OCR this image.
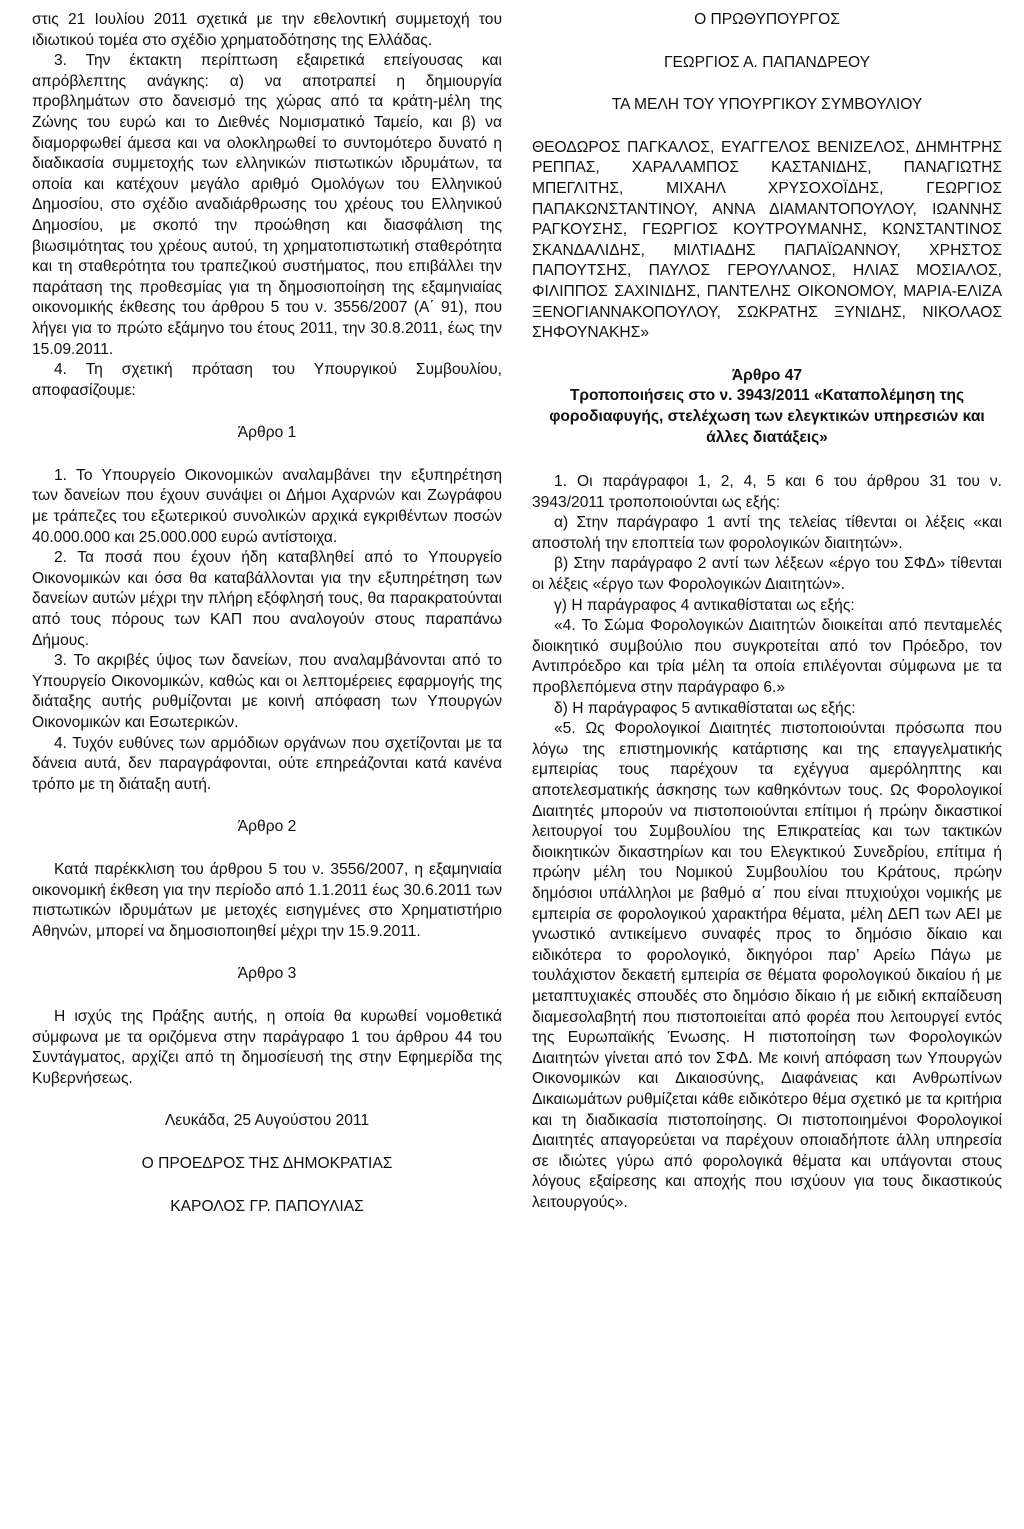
στις 21 Ιουλίου 2011 σχετικά με την εθελοντική συμμετοχή του ιδιωτικού τομέα στο σχέδιο χρηματοδότησης της Ελλάδας.

3. Την έκτακτη περίπτωση εξαιρετικά επείγουσας και απρόβλεπτης ανάγκης: α) να αποτραπεί η δημιουργία προβλημάτων στο δανεισμό της χώρας από τα κράτη-μέλη της Ζώνης του ευρώ και το Διεθνές Νομισματικό Ταμείο, και β) να διαμορφωθεί άμεσα και να ολοκληρωθεί το συντομότερο δυνατό η διαδικασία συμμετοχής των ελληνικών πιστωτικών ιδρυμάτων, τα οποία και κατέχουν μεγάλο αριθμό Ομολόγων του Ελληνικού Δημοσίου, στο σχέδιο αναδιάρθρωσης του χρέους του Ελληνικού Δημοσίου, με σκοπό την προώθηση και διασφάλιση της βιωσιμότητας του χρέους αυτού, τη χρηματοπιστωτική σταθερότητα και τη σταθερότητα του τραπεζικού συστήματος, που επιβάλλει την παράταση της προθεσμίας για τη δημοσιοποίηση της εξαμηνιαίας οικονομικής έκθεσης του άρθρου 5 του ν. 3556/2007 (Α΄ 91), που λήγει για το πρώτο εξάμηνο του έτους 2011, την 30.8.2011, έως την 15.09.2011.

4. Τη σχετική πρόταση του Υπουργικού Συμβουλίου, αποφασίζουμε:

Άρθρο 1

1. Το Υπουργείο Οικονομικών αναλαμβάνει την εξυπηρέτηση των δανείων που έχουν συνάψει οι Δήμοι Αχαρνών και Ζωγράφου με τράπεζες του εξωτερικού συνολικών αρχικά εγκριθέντων ποσών 40.000.000 και 25.000.000 ευρώ αντίστοιχα.

2. Τα ποσά που έχουν ήδη καταβληθεί από το Υπουργείο Οικονομικών και όσα θα καταβάλλονται για την εξυπηρέτηση των δανείων αυτών μέχρι την πλήρη εξόφλησή τους, θα παρακρατούνται από τους πόρους των ΚΑΠ που αναλογούν στους παραπάνω Δήμους.

3. Το ακριβές ύψος των δανείων, που αναλαμβάνονται από το Υπουργείο Οικονομικών, καθώς και οι λεπτομέρειες εφαρμογής της διάταξης αυτής ρυθμίζονται με κοινή απόφαση των Υπουργών Οικονομικών και Εσωτερικών.

4. Τυχόν ευθύνες των αρμόδιων οργάνων που σχετίζονται με τα δάνεια αυτά, δεν παραγράφονται, ούτε επηρεάζονται κατά κανένα τρόπο με τη διάταξη αυτή.

Άρθρο 2

Κατά παρέκκλιση του άρθρου 5 του ν. 3556/2007, η εξαμηνιαία οικονομική έκθεση για την περίοδο από 1.1.2011 έως 30.6.2011 των πιστωτικών ιδρυμάτων με μετοχές εισηγμένες στο Χρηματιστήριο Αθηνών, μπορεί να δημοσιοποιηθεί μέχρι την 15.9.2011.

Άρθρο 3

Η ισχύς της Πράξης αυτής, η οποία θα κυρωθεί νομοθετικά σύμφωνα με τα οριζόμενα στην παράγραφο 1 του άρθρου 44 του Συντάγματος, αρχίζει από τη δημοσίευσή της στην Εφημερίδα της Κυβερνήσεως.

Λευκάδα, 25 Αυγούστου 2011

Ο ΠΡΟΕΔΡΟΣ ΤΗΣ ΔΗΜΟΚΡΑΤΙΑΣ

ΚΑΡΟΛΟΣ ΓΡ. ΠΑΠΟΥΛΙΑΣ

Ο ΠΡΩΘΥΠΟΥΡΓΟΣ

ΓΕΩΡΓΙΟΣ Α. ΠΑΠΑΝΔΡΕΟΥ

ΤΑ ΜΕΛΗ ΤΟΥ ΥΠΟΥΡΓΙΚΟΥ ΣΥΜΒΟΥΛΙΟΥ

ΘΕΟΔΩΡΟΣ ΠΑΓΚΑΛΟΣ, ΕΥΑΓΓΕΛΟΣ ΒΕΝΙΖΕΛΟΣ, ΔΗΜΗΤΡΗΣ ΡΕΠΠΑΣ, ΧΑΡΑΛΑΜΠΟΣ ΚΑΣΤΑΝΙΔΗΣ, ΠΑΝΑΓΙΩΤΗΣ ΜΠΕΓΛΙΤΗΣ, ΜΙΧΑΗΛ ΧΡΥΣΟΧΟΪΔΗΣ, ΓΕΩΡΓΙΟΣ ΠΑΠΑΚΩΝΣΤΑΝΤΙΝΟΥ, ΑΝΝΑ ΔΙΑΜΑΝΤΟΠΟΥΛΟΥ, ΙΩΑΝΝΗΣ ΡΑΓΚΟΥΣΗΣ, ΓΕΩΡΓΙΟΣ ΚΟΥΤΡΟΥΜΑΝΗΣ, ΚΩΝΣΤΑΝΤΙΝΟΣ ΣΚΑΝΔΑΛΙΔΗΣ, ΜΙΛΤΙΑΔΗΣ ΠΑΠΑΪΩΑΝΝΟΥ, ΧΡΗΣΤΟΣ ΠΑΠΟΥΤΣΗΣ, ΠΑΥΛΟΣ ΓΕΡΟΥΛΑΝΟΣ, ΗΛΙΑΣ ΜΟΣΙΑΛΟΣ, ΦΙΛΙΠΠΟΣ ΣΑΧΙΝΙΔΗΣ, ΠΑΝΤΕΛΗΣ ΟΙΚΟΝΟΜΟΥ, ΜΑΡΙΑ-ΕΛΙΖΑ ΞΕΝΟΓΙΑΝΝΑΚΟΠΟΥΛΟΥ, ΣΩΚΡΑΤΗΣ ΞΥΝΙΔΗΣ, ΝΙΚΟΛΑΟΣ ΣΗΦΟΥΝΑΚΗΣ»

Άρθρο 47

Τροποποιήσεις στο ν. 3943/2011 «Καταπολέμηση της φοροδιαφυγής, στελέχωση των ελεγκτικών υπηρεσιών και άλλες διατάξεις»

1. Οι παράγραφοι 1, 2, 4, 5 και 6 του άρθρου 31 του ν. 3943/2011 τροποποιούνται ως εξής:

α) Στην παράγραφο 1 αντί της τελείας τίθενται οι λέξεις «και αποστολή την εποπτεία των φορολογικών διαιτητών».

β) Στην παράγραφο 2 αντί των λέξεων «έργο του ΣΦΔ» τίθενται οι λέξεις «έργο των Φορολογικών Διαιτητών».

γ) Η παράγραφος 4 αντικαθίσταται ως εξής:

«4. Το Σώμα Φορολογικών Διαιτητών διοικείται από πενταμελές διοικητικό συμβούλιο που συγκροτείται από τον Πρόεδρο, τον Αντιπρόεδρο και τρία μέλη τα οποία επιλέγονται σύμφωνα με τα προβλεπόμενα στην παράγραφο 6.»

δ) Η παράγραφος 5 αντικαθίσταται ως εξής:

«5. Ως Φορολογικοί Διαιτητές πιστοποιούνται πρόσωπα που λόγω της επιστημονικής κατάρτισης και της επαγγελματικής εμπειρίας τους παρέχουν τα εχέγγυα αμερόληπτης και αποτελεσματικής άσκησης των καθηκόντων τους. Ως Φορολογικοί Διαιτητές μπορούν να πιστοποιούνται επίτιμοι ή πρώην δικαστικοί λειτουργοί του Συμβουλίου της Επικρατείας και των τακτικών διοικητικών δικαστηρίων και του Ελεγκτικού Συνεδρίου, επίτιμα ή πρώην μέλη του Νομικού Συμβουλίου του Κράτους, πρώην δημόσιοι υπάλληλοι με βαθμό α΄ που είναι πτυχιούχοι νομικής με εμπειρία σε φορολογικού χαρακτήρα θέματα, μέλη ΔΕΠ των ΑΕΙ με γνωστικό αντικείμενο συναφές προς το δημόσιο δίκαιο και ειδικότερα το φορολογικό, δικηγόροι παρ’ Αρείω Πάγω με τουλάχιστον δεκαετή εμπειρία σε θέματα φορολογικού δικαίου ή με μεταπτυχιακές σπουδές στο δημόσιο δίκαιο ή με ειδική εκπαίδευση διαμεσολαβητή που πιστοποιείται από φορέα που λειτουργεί εντός της Ευρωπαϊκής Ένωσης. Η πιστοποίηση των Φορολογικών Διαιτητών γίνεται από τον ΣΦΔ. Με κοινή απόφαση των Υπουργών Οικονομικών και Δικαιοσύνης, Διαφάνειας και Ανθρωπίνων Δικαιωμάτων ρυθμίζεται κάθε ειδικότερο θέμα σχετικό με τα κριτήρια και τη διαδικασία πιστοποίησης. Οι πιστοποιημένοι Φορολογικοί Διαιτητές απαγορεύεται να παρέχουν οποιαδήποτε άλλη υπηρεσία σε ιδιώτες γύρω από φορολογικά θέματα και υπάγονται στους λόγους εξαίρεσης και αποχής που ισχύουν για τους δικαστικούς λειτουργούς».
